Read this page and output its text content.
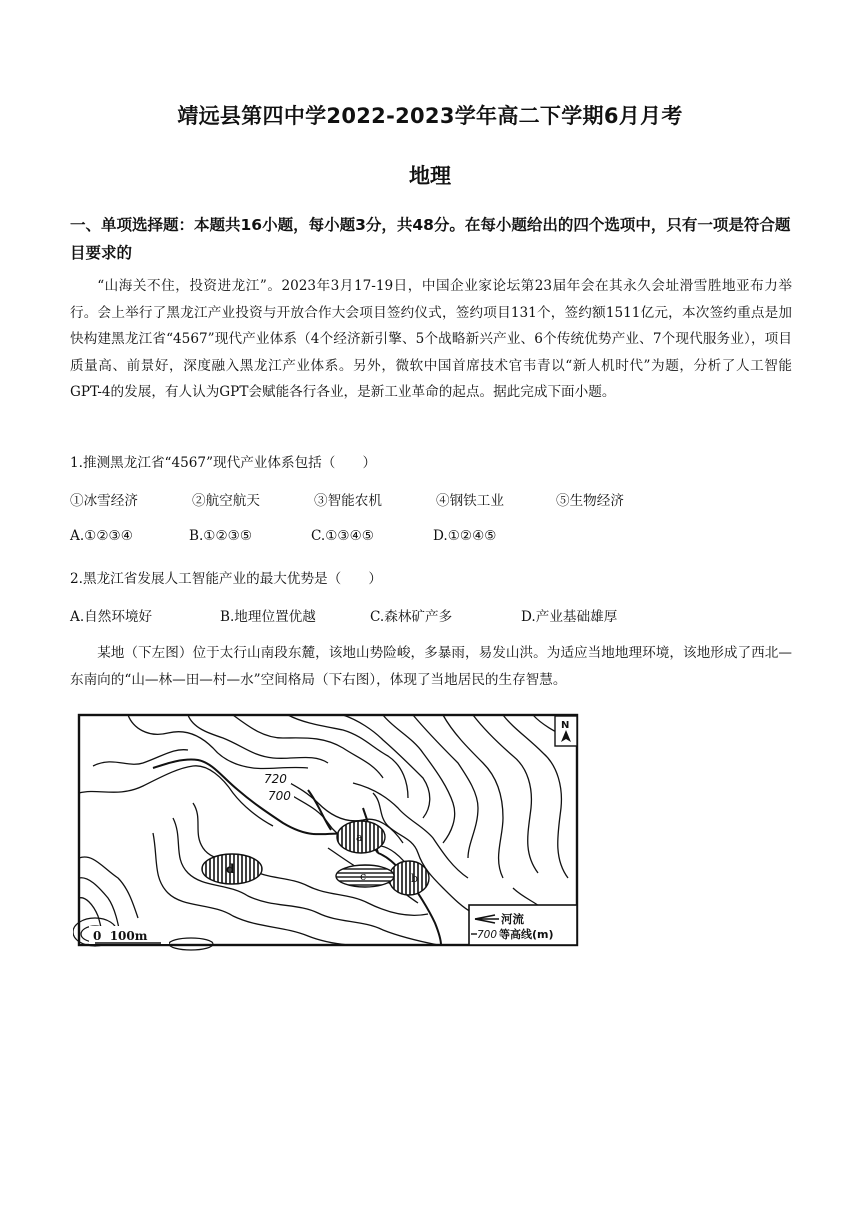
靖远县第四中学2022-2023学年高二下学期6月月考
地理
一、单项选择题：本题共16小题，每小题3分，共48分。在每小题给出的四个选项中，只有一项是符合题目要求的
“山海关不住，投资进龙江”。2023年3月17-19日，中国企业家论坛第23届年会在其永久会址滑雪胜地亚布力举行。会上举行了黑龙江产业投资与开放合作大会项目签约仪式，签约项目131个，签约额1511亿元，本次签约重点是加快构建黑龙江省“4567”现代产业体系（4个经济新引擎、5个战略新兴产业、6个传统优势产业、7个现代服务业），项目质量高、前景好，深度融入黑龙江产业体系。另外，微软中国首席技术官韦青以“新人机时代”为题，分析了人工智能GPT-4的发展，有人认为GPT会赋能各行各业，是新工业革命的起点。据此完成下面小题。
1.推测黑龙江省“4567”现代产业体系包括（　　）
①冰雪经济	②航空航天	③智能农机	④钢铁工业	⑤生物经济
A.①②③④	B.①②③⑤	C.①③④⑤	D.①②④⑤
2.黑龙江省发展人工智能产业的最大优势是（　　）
A.自然环境好	B.地理位置优越	C.森林矿产多	D.产业基础雄厚
某地（下左图）位于太行山南段东麓，该地山势险峻，多暴雨，易发山洪。为适应当地地理环境，该地形成了西北—东南向的“山—林—田—村—水”空间格局（下右图），体现了当地居民的生存智慧。
a
b
c
d
720
700
N
0  100m
河流
700 等高线(m)
